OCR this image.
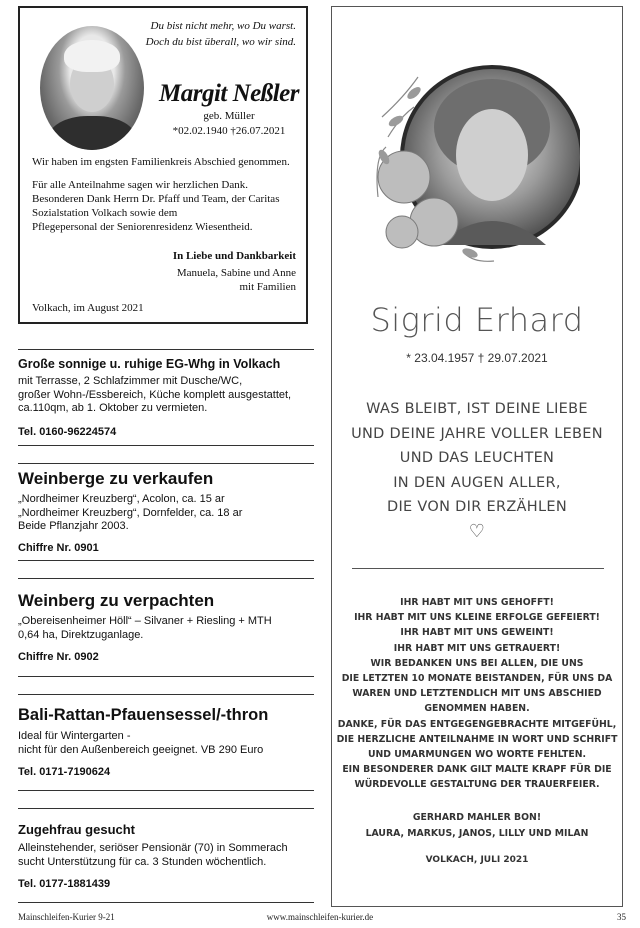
Du bist nicht mehr, wo Du warst.
Doch du bist überall, wo wir sind.
Margit Neßler
geb. Müller
*02.02.1940 †26.07.2021
Wir haben im engsten Familienkreis Abschied genommen.
Für alle Anteilnahme sagen wir herzlichen Dank.
Besonderen Dank Herrn Dr. Pfaff und Team, der Caritas
Sozialstation Volkach sowie dem
Pflegepersonal der Seniorenresidenz Wiesentheid.
In Liebe und Dankbarkeit
Manuela, Sabine und Anne
mit Familien
Volkach, im August 2021
Große sonnige u. ruhige EG-Whg in Volkach
mit Terrasse, 2 Schlafzimmer mit Dusche/WC,
großer Wohn-/Essbereich, Küche komplett ausgestattet,
ca.110qm, ab 1. Oktober zu vermieten.
Tel. 0160-96224574
Weinberge zu verkaufen
„Nordheimer Kreuzberg“, Acolon, ca. 15 ar
„Nordheimer Kreuzberg“, Dornfelder, ca. 18 ar
Beide Pflanzjahr 2003.
Chiffre Nr. 0901
Weinberg zu verpachten
„Obereisenheimer Höll“ – Silvaner + Riesling + MTH
0,64 ha, Direktzuganlage.
Chiffre Nr. 0902
Bali-Rattan-Pfauensessel/-thron
Ideal für Wintergarten -
nicht für den Außenbereich geeignet. VB 290 Euro
Tel. 0171-7190624
Zugehfrau gesucht
Alleinstehender, seriöser Pensionär (70) in Sommerach
sucht Unterstützung für ca. 3 Stunden wöchentlich.
Tel. 0177-1881439
Sigrid Erhard
* 23.04.1957 † 29.07.2021
WAS BLEIBT, IST DEINE LIEBE
UND DEINE JAHRE VOLLER LEBEN
UND DAS LEUCHTEN
IN DEN AUGEN ALLER,
DIE VON DIR ERZÄHLEN
♡
IHR HABT MIT UNS GEHOFFT!
IHR HABT MIT UNS KLEINE ERFOLGE GEFEIERT!
IHR HABT MIT UNS GEWEINT!
IHR HABT MIT UNS GETRAUERT!
WIR BEDANKEN UNS BEI ALLEN, DIE UNS
DIE LETZTEN 10 MONATE BEISTANDEN, FÜR UNS DA
WAREN UND LETZTENDLICH MIT UNS ABSCHIED
GENOMMEN HABEN.
DANKE, FÜR DAS ENTGEGENGEBRACHTE MITGEFÜHL,
DIE HERZLICHE ANTEILNAHME IN WORT UND SCHRIFT
UND UMARMUNGEN WO WORTE FEHLTEN.
EIN BESONDERER DANK GILT MALTE KRAPF FÜR DIE
WÜRDEVOLLE GESTALTUNG DER TRAUERFEIER.
GERHARD MAHLER BON!
LAURA, MARKUS, JANOS, LILLY UND MILAN
VOLKACH, JULI 2021
Mainschleifen-Kurier 9-21	www.mainschleifen-kurier.de	35
